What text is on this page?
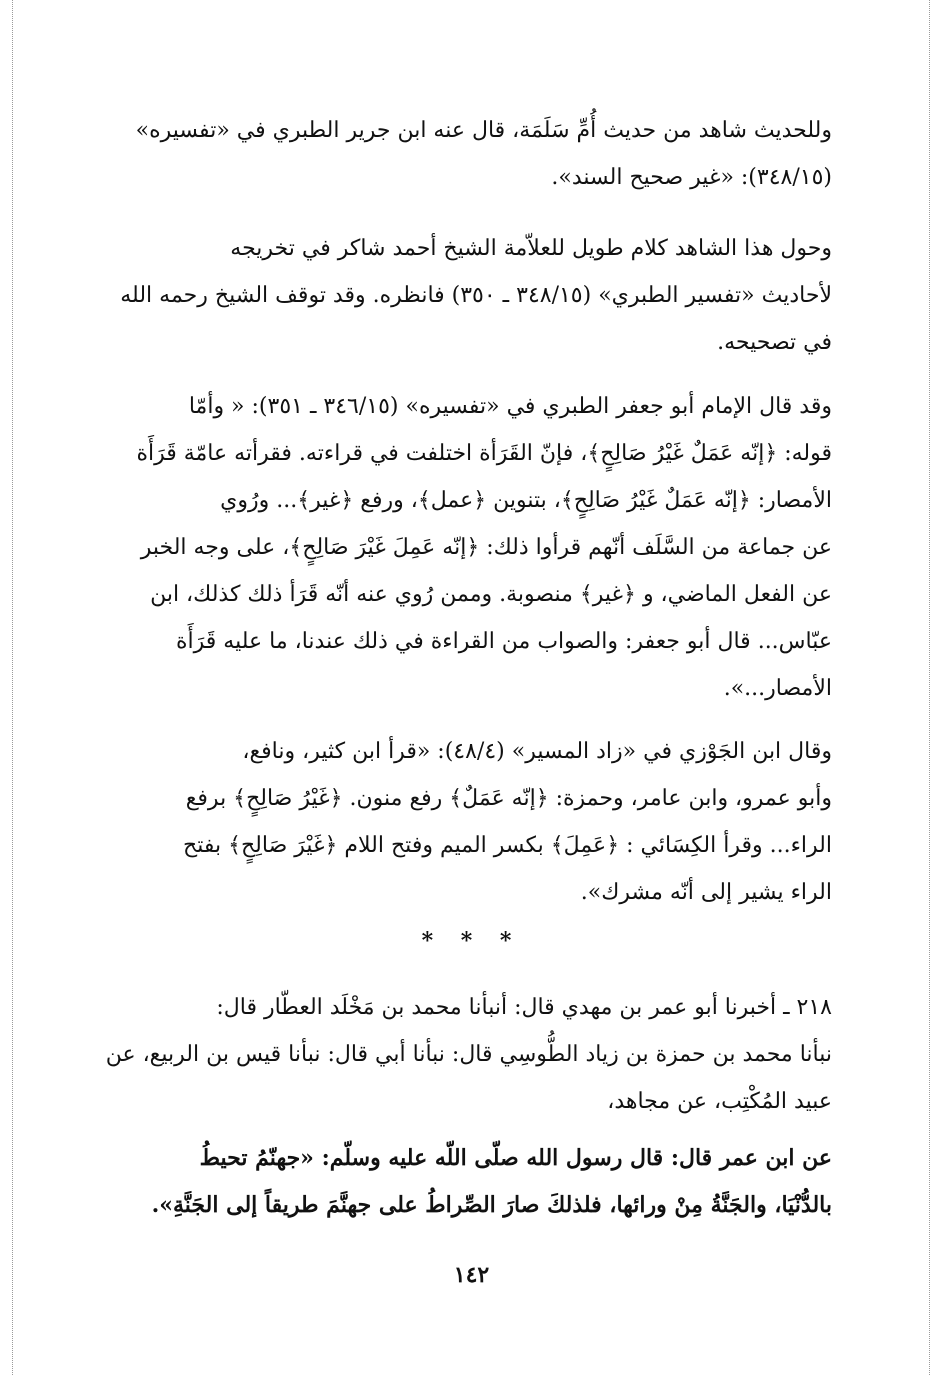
وللحديث شاهد من حديث أُمِّ سَلَمَة، قال عنه ابن جرير الطبري في «تفسيره»
(٣٤٨/١٥): «غير صحيح السند».
وحول هذا الشاهد كلام طويل للعلاّمة الشيخ أحمد شاكر في تخريجه
لأحاديث «تفسير الطبري» (٣٤٨/١٥ ـ ٣٥٠) فانظره. وقد توقف الشيخ رحمه الله
في تصحيحه.
وقد قال الإمام أبو جعفر الطبري في «تفسيره» (٣٤٦/١٥ ـ ٣٥١): « وأمّا
قوله: ﴿إنّه عَمَلٌ غَيْرُ صَالِحٍ﴾، فإنّ القَرَأة اختلفت في قراءته. فقرأته عامّة قَرَأَة
الأمصار: ﴿إنّه عَمَلٌ غَيْرُ صَالِحٍ﴾، بتنوين ﴿عمل﴾، ورفع ﴿غير﴾... ورُوي
عن جماعة من السَّلَف أنّهم قرأوا ذلك: ﴿إنّه عَمِلَ غَيْرَ صَالِحٍ﴾، على وجه الخبر
عن الفعل الماضي، و ﴿غير﴾ منصوبة. وممن رُوي عنه أنّه قَرَأ ذلك كذلك، ابن
عبّاس... قال أبو جعفر: والصواب من القراءة في ذلك عندنا، ما عليه قَرَأَة
الأمصار...».
وقال ابن الجَوْزي في «زاد المسير» (٤٨/٤): «قرأ ابن كثير، ونافع،
وأبو عمرو، وابن عامر، وحمزة: ﴿إنّه عَمَلٌ﴾ رفع منون. ﴿غَيْرُ صَالِحٍ﴾ برفع
الراء... وقرأ الكِسَائي : ﴿عَمِلَ﴾ بكسر الميم وفتح اللام ﴿غَيْرَ صَالِحٍ﴾ بفتح
الراء يشير إلى أنّه مشرك».
* * *
٢١٨ ـ أخبرنا أبو عمر بن مهدي قال: أنبأنا محمد بن مَخْلَد العطّار قال:
نبأنا محمد بن حمزة بن زياد الطُّوسِي قال: نبأنا أبي قال: نبأنا قيس بن الربيع، عن
عبيد المُكْتِب، عن مجاهد،
عن ابن عمر قال: قال رسول الله صلّى اللّه عليه وسلّم: «جهنّمُ تحيطُ
بالدُّنْيَا، والجَنَّةُ مِنْ ورائها، فلذلكَ صارَ الصِّراطُ على جهنَّمَ طريقاً إلى الجَنَّةِ».
١٤٢
